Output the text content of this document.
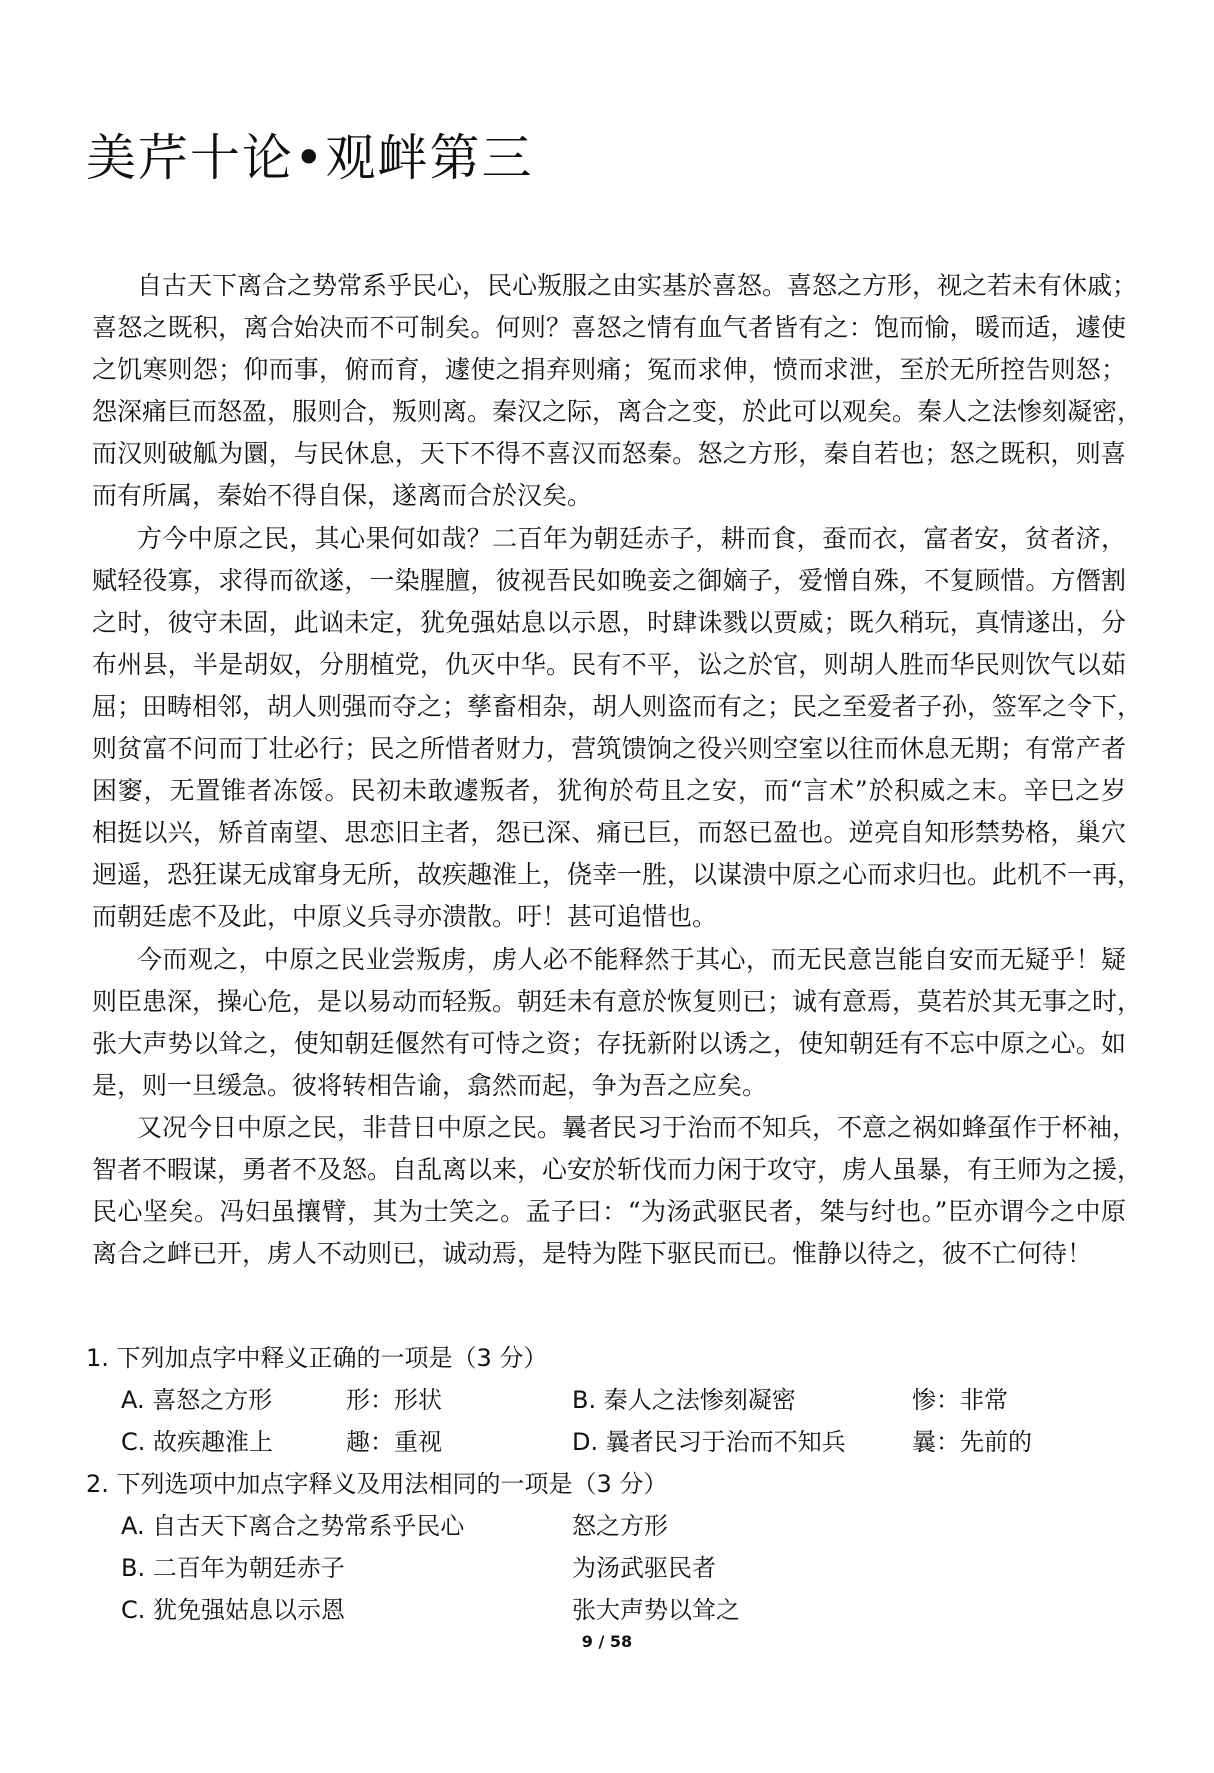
美芹十论•观衅第三
自古天下离合之势常系乎民心，民心叛服之由实基於喜怒。喜怒之方形，视之若未有休戚；
喜怒之既积，离合始决而不可制矣。何则？喜怒之情有血气者皆有之：饱而愉，暖而适，遽使
之饥寒则怨；仰而事，俯而育，遽使之捐弃则痛；冤而求伸，愤而求泄，至於无所控告则怒；
怨深痛巨而怒盈，服则合，叛则离。秦汉之际，离合之变，於此可以观矣。秦人之法惨刻凝密，
而汉则破觚为圜，与民休息，天下不得不喜汉而怒秦。怒之方形，秦自若也；怒之既积，则喜
而有所属，秦始不得自保，遂离而合於汉矣。
方今中原之民，其心果何如哉？二百年为朝廷赤子，耕而食，蚕而衣，富者安，贫者济，
赋轻役寡，求得而欲遂，一染腥膻，彼视吾民如晚妾之御嫡子，爱憎自殊，不复顾惜。方僭割
之时，彼守未固，此讻未定，犹免强姑息以示恩，时肆诛戮以贾威；既久稍玩，真情遂出，分
布州县，半是胡奴，分朋植党，仇灭中华。民有不平，讼之於官，则胡人胜而华民则饮气以茹
屈；田畴相邻，胡人则强而夺之；孳畜相杂，胡人则盗而有之；民之至爱者子孙，签军之令下，
则贫富不问而丁壮必行；民之所惜者财力，营筑馈饷之役兴则空室以往而休息无期；有常产者
困窭，无置锥者冻馁。民初未敢遽叛者，犹徇於苟且之安，而“言术”於积威之末。辛巳之岁
相挺以兴，矫首南望、思恋旧主者，怨已深、痛已巨，而怒已盈也。逆亮自知形禁势格，巢穴
迥遥，恐狂谋无成窜身无所，故疾趣淮上，侥幸一胜，以谋溃中原之心而求归也。此机不一再，
而朝廷虑不及此，中原义兵寻亦溃散。吁！甚可追惜也。
今而观之，中原之民业尝叛虏，虏人必不能释然于其心，而无民意岂能自安而无疑乎！疑
则臣患深，操心危，是以易动而轻叛。朝廷未有意於恢复则已；诚有意焉，莫若於其无事之时，
张大声势以耸之，使知朝廷偃然有可恃之资；存抚新附以诱之，使知朝廷有不忘中原之心。如
是，则一旦缓急。彼将转相告谕，翕然而起，争为吾之应矣。
又况今日中原之民，非昔日中原之民。曩者民习于治而不知兵，不意之祸如蜂虿作于杯袖，
智者不暇谋，勇者不及怒。自乱离以来，心安於斩伐而力闲于攻守，虏人虽暴，有王师为之援，
民心坚矣。冯妇虽攘臂，其为士笑之。孟子曰：“为汤武驱民者，桀与纣也。”臣亦谓今之中原
离合之衅已开，虏人不动则已，诚动焉，是特为陛下驱民而已。惟静以待之，彼不亡何待！
1. 下列加点字中释义正确的一项是（3 分）
A. 喜怒之方形	形：形状	B. 秦人之法惨刻凝密	惨：非常
C. 故疾趣淮上	趣：重视	D. 曩者民习于治而不知兵	曩：先前的
2. 下列选项中加点字释义及用法相同的一项是（3 分）
A. 自古天下离合之势常系乎民心	怒之方形
B. 二百年为朝廷赤子	为汤武驱民者
C. 犹免强姑息以示恩	张大声势以耸之
9 / 58
